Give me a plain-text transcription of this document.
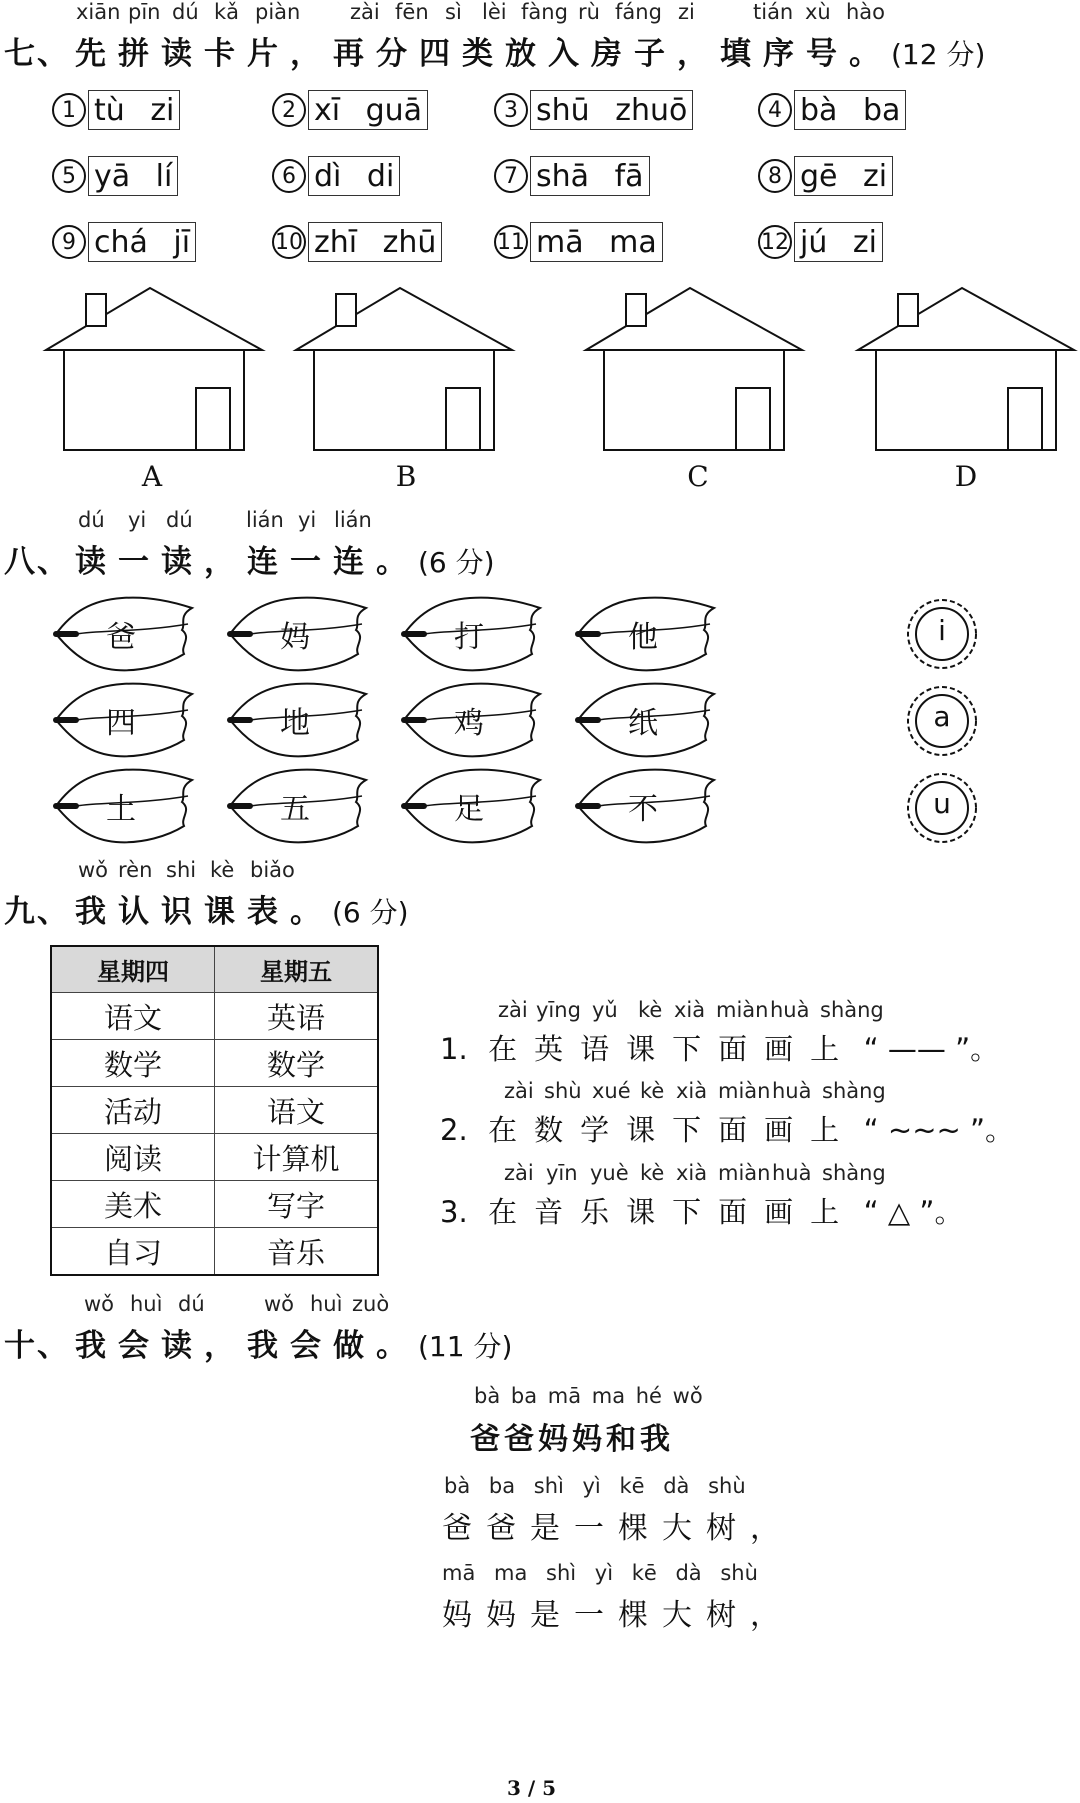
xiān pīn dú kǎ piàn zài fēn sì lèi fàng rù fáng zi	tián xù hào
七、 先 拼 读 卡 片 ， 再 分 四 类 放 入 房 子 ， 填 序 号 。 (12 分)
1 tù zi	2 xī guā	3 shū zhuō	4 bà ba
5 yā lí	6 dì di	7 shā fā	8 gē zi
9 chá jī	10 zhī zhū	11 mā ma	12 jú zi
A	B	C	D
dú yi dú	lián yi lián
八、 读 一 读 ， 连 一 连 。 (6 分)
爸	妈	打	他
四	地	鸡	纸
土	五	足	不
i
a
u
wǒ rèn shi kè biǎo
九、 我 认 识 课 表 。 (6 分)
星期四	星期五
语文	英语
数学	数学
活动	语文
阅读	计算机
美术	写字
自习	音乐
zài yīng yǔ kè xià miàn huà shàng
1. 在 英 语 课 下 面 画 上 “ —— ”。
zài shù xué kè xià miàn huà shàng
2. 在 数 学 课 下 面 画 上 “ ~~~ ”。
zài yīn yuè kè xià miàn huà shàng
3. 在 音 乐 课 下 面 画 上 “ △ ”。
wǒ huì dú	wǒ huì zuò
十、 我 会 读 ， 我 会 做 。 (11 分)
bà ba mā ma hé wǒ
爸爸妈妈和我
bà ba shì yì kē dà shù
爸爸是一棵大树，
mā ma shì yì kē dà shù
妈妈是一棵大树，
3 / 5
